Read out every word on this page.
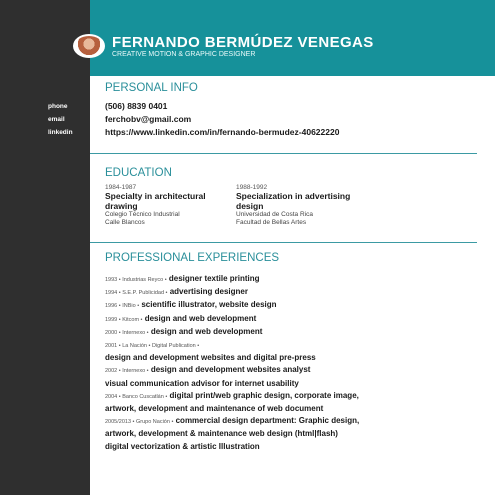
FERNANDO BERMÚDEZ VENEGAS
CREATIVE MOTION & GRAPHIC DESIGNER
PERSONAL INFO
phone	(506) 8839 0401
email	ferchobv@gmail.com
linkedin	https://www.linkedin.com/in/fernando-bermudez-40622220
EDUCATION
1984-1987
Specialty in architectural drawing
Colegio Técnico Industrial
Calle Blancos
1988-1992
Specialization in advertising design
Universidad de Costa Rica
Facultad de Bellas Artes
PROFESSIONAL EXPERIENCES
1993 • Industrias Reyco • designer textile printing
1994 • S.E.P. Publicidad • advertising designer
1996 • INBio • scientific illustrator, website design
1999 • Kitcom • design and web development
2000 • Internexo • design and web development
2001 • La Nación • Digital Publication •
design and development websites and digital pre-press
2002 • Internexo • design and development websites analyst
visual communication advisor for internet usability
2004 • Banco Cuscatlán • digital print/web graphic design, corporate image,
artwork, development and maintenance of web document
2005/2013 • Grupo Nación • commercial design department: Graphic design,
artwork, development & maintenance web design (html|flash)
digital vectorization & artistic Illustration
